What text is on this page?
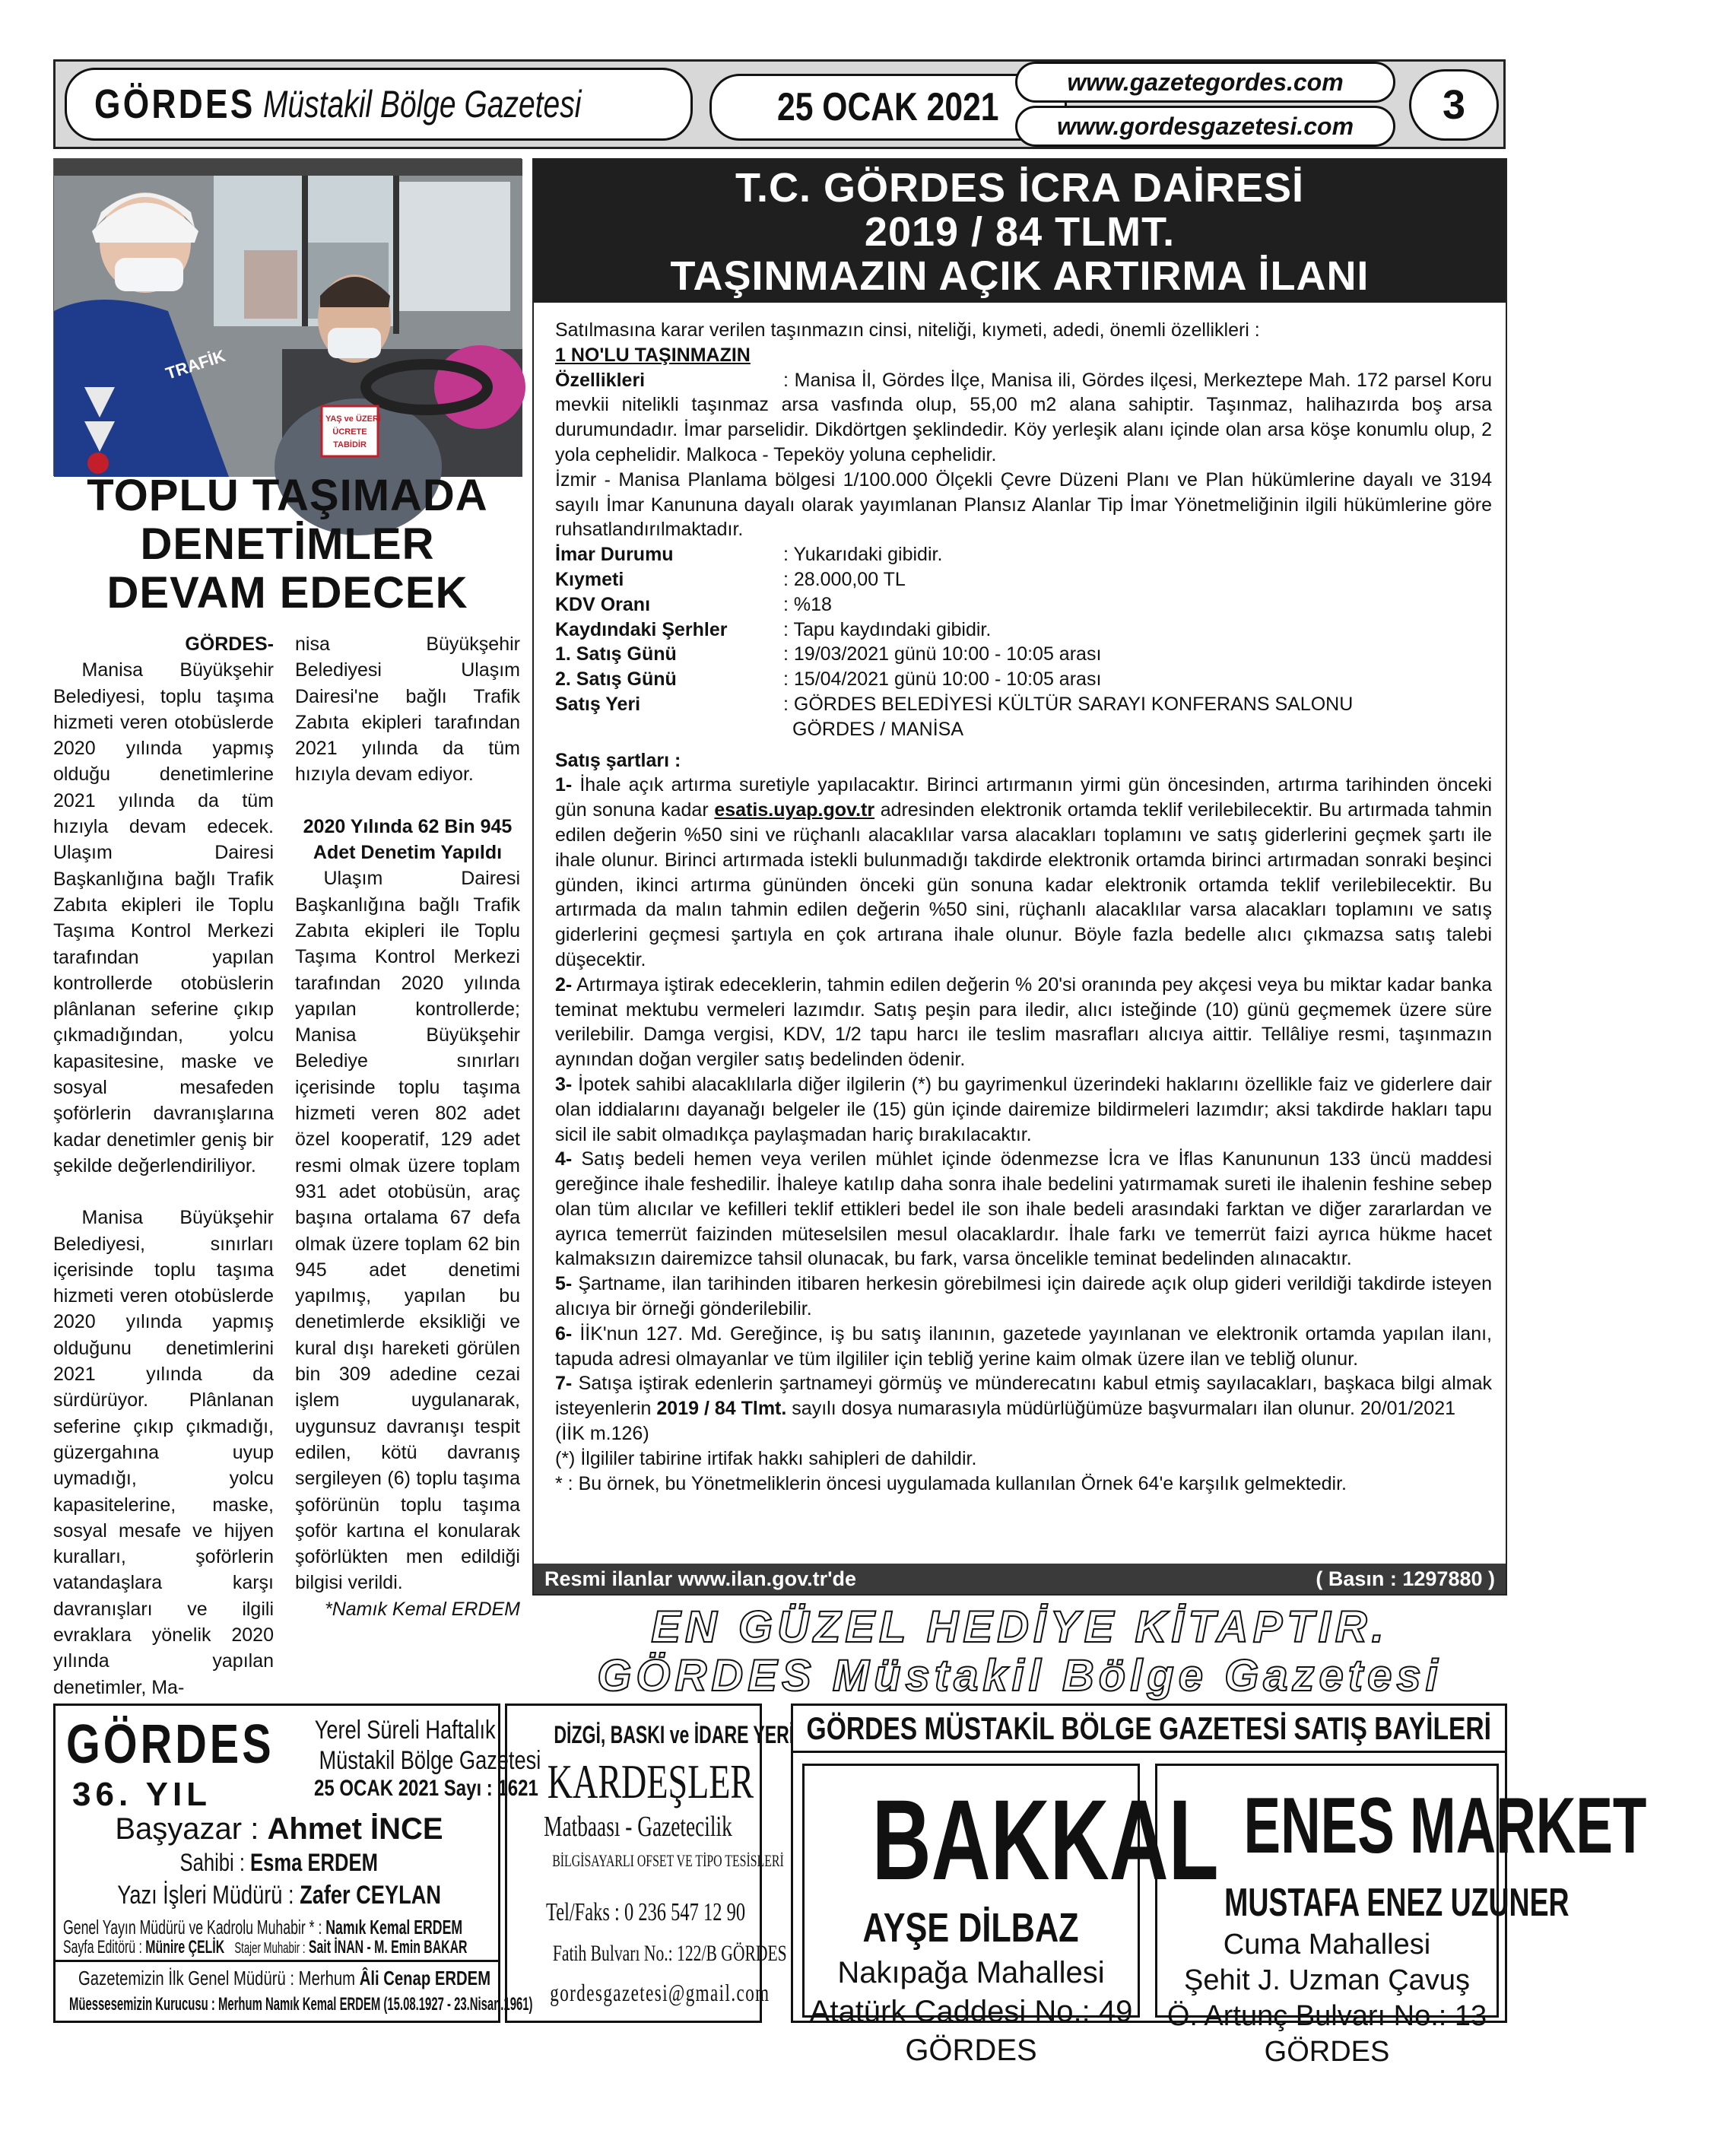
GÖRDES Müstakil Bölge Gazetesi	25 OCAK 2021
www.gazetegordes.com
www.gordesgazetesi.com	3
TRAFİK
7 YAŞ ve ÜZERİ
ÜCRETE
TABİDİR
TOPLU TAŞIMADA
DENETİMLER
DEVAM EDECEK

GÖRDES-

Manisa Büyükşehir Belediyesi, toplu taşıma hizmeti veren otobüslerde 2020 yılında yapmış olduğu denetimlerine 2021 yılında da tüm hızıyla devam edecek. Ulaşım Dairesi Başkanlığına bağlı Trafik Zabıta ekipleri ile Toplu Taşıma Kontrol Merkezi tarafından yapılan kontrollerde otobüslerin plânlanan seferine çıkıp çıkmadığından, yolcu kapasitesine, maske ve sosyal mesafeden şoförlerin davranışlarına kadar denetimler geniş bir şekilde değerlendiriliyor.

Manisa Büyükşehir Belediyesi, sınırları içerisinde toplu taşıma hizmeti veren otobüslerde 2020 yılında yapmış olduğunu denetimlerini 2021 yılında da sürdürüyor. Plânlanan seferine çıkıp çıkmadığı, güzergahına uyup uymadığı, yolcu kapasitelerine, maske, sosyal mesafe ve hijyen kuralları, şoförlerin vatandaşlara karşı davranışları ve ilgili evraklara yönelik 2020 yılında yapılan denetimler, Ma-

nisa Büyükşehir Belediyesi Ulaşım Dairesi'ne bağlı Trafik Zabıta ekipleri tarafından 2021 yılında da tüm hızıyla devam ediyor.

2020 Yılında 62 Bin 945 Adet Denetim Yapıldı

Ulaşım Dairesi Başkanlığına bağlı Trafik Zabıta ekipleri ile Toplu Taşıma Kontrol Merkezi tarafından 2020 yılında yapılan kontrollerde; Manisa Büyükşehir Belediye sınırları içerisinde toplu taşıma hizmeti veren 802 adet özel kooperatif, 129 adet resmi olmak üzere toplam 931 adet otobüsün, araç başına ortalama 67 defa olmak üzere toplam 62 bin 945 adet denetimi yapılmış, yapılan bu denetimlerde eksikliği ve kural dışı hareketi görülen bin 309 adedine cezai işlem uygulanarak, uygunsuz davranışı tespit edilen, kötü davranış sergileyen (6) toplu taşıma şoförünün toplu taşıma şoför kartına el konularak şoförlükten men edildiği bilgisi verildi.

*Namık Kemal ERDEM

T.C. GÖRDES İCRA DAİRESİ
2019 / 84 TLMT.
TAŞINMAZIN AÇIK ARTIRMA İLANI
Satılmasına karar verilen taşınmazın cinsi, niteliği, kıymeti, adedi, önemli özellikleri :
1 NO'LU TAŞINMAZIN
Özellikleri	: Manisa İl, Gördes İlçe, Manisa ili, Gördes ilçesi, Merkeztepe Mah. 172 parsel Koru mevkii nitelikli taşınmaz arsa vasfında olup, 55,00 m2 alana sahiptir. Taşınmaz, halihazırda boş arsa durumundadır. İmar parselidir. Dikdörtgen şeklindedir. Köy yerleşik alanı içinde olan arsa köşe konumlu olup, 2 yola cephelidir. Malkoca - Tepeköy yoluna cephelidir.
İzmir - Manisa Planlama bölgesi 1/100.000 Ölçekli Çevre Düzeni Planı ve Plan hükümlerine dayalı ve 3194 sayılı İmar Kanununa dayalı olarak yayımlanan Plansız Alanlar Tip İmar Yönetmeliğinin ilgili hükümlerine göre ruhsatlandırılmaktadır.
İmar Durumu	: Yukarıdaki gibidir.
Kıymeti	: 28.000,00 TL
KDV Oranı	: %18
Kaydındaki Şerhler	: Tapu kaydındaki gibidir.
1. Satış Günü	: 19/03/2021 günü 10:00 - 10:05 arası
2. Satış Günü	: 15/04/2021 günü 10:00 - 10:05 arası
Satış Yeri	: GÖRDES BELEDİYESİ KÜLTÜR SARAYI KONFERANS SALONU
GÖRDES / MANİSA
Satış şartları :
1- İhale açık artırma suretiyle yapılacaktır. Birinci artırmanın yirmi gün öncesinden, artırma tarihinden önceki gün sonuna kadar esatis.uyap.gov.tr adresinden elektronik ortamda teklif verilebilecektir. Bu artırmada tahmin edilen değerin %50 sini ve rüçhanlı alacaklılar varsa alacakları toplamını ve satış giderlerini geçmek şartı ile ihale olunur. Birinci artırmada istekli bulunmadığı takdirde elektronik ortamda birinci artırmadan sonraki beşinci günden, ikinci artırma gününden önceki gün sonuna kadar elektronik ortamda teklif verilebilecektir. Bu artırmada da malın tahmin edilen değerin %50 sini, rüçhanlı alacaklılar varsa alacakları toplamını ve satış giderlerini geçmesi şartıyla en çok artırana ihale olunur. Böyle fazla bedelle alıcı çıkmazsa satış talebi düşecektir.
2- Artırmaya iştirak edeceklerin, tahmin edilen değerin % 20'si oranında pey akçesi veya bu miktar kadar banka teminat mektubu vermeleri lazımdır. Satış peşin para iledir, alıcı isteğinde (10) günü geçmemek üzere süre verilebilir. Damga vergisi, KDV, 1/2 tapu harcı ile teslim masrafları alıcıya aittir. Tellâliye resmi, taşınmazın aynından doğan vergiler satış bedelinden ödenir.
3- İpotek sahibi alacaklılarla diğer ilgilerin (*) bu gayrimenkul üzerindeki haklarını özellikle faiz ve giderlere dair olan iddialarını dayanağı belgeler ile (15) gün içinde dairemize bildirmeleri lazımdır; aksi takdirde hakları tapu sicil ile sabit olmadıkça paylaşmadan hariç bırakılacaktır.
4- Satış bedeli hemen veya verilen mühlet içinde ödenmezse İcra ve İflas Kanununun 133 üncü maddesi gereğince ihale feshedilir. İhaleye katılıp daha sonra ihale bedelini yatırmamak sureti ile ihalenin feshine sebep olan tüm alıcılar ve kefilleri teklif ettikleri bedel ile son ihale bedeli arasındaki farktan ve diğer zararlardan ve ayrıca temerrüt faizinden müteselsilen mesul olacaklardır. İhale farkı ve temerrüt faizi ayrıca hükme hacet kalmaksızın dairemizce tahsil olunacak, bu fark, varsa öncelikle teminat bedelinden alınacaktır.
5- Şartname, ilan tarihinden itibaren herkesin görebilmesi için dairede açık olup gideri verildiği takdirde isteyen alıcıya bir örneği gönderilebilir.
6- İİK'nun 127. Md. Gereğince, iş bu satış ilanının, gazetede yayınlanan ve elektronik ortamda yapılan ilanı, tapuda adresi olmayanlar ve tüm ilgililer için tebliğ yerine kaim olmak üzere ilan ve tebliğ olunur.
7- Satışa iştirak edenlerin şartnameyi görmüş ve münderecatını kabul etmiş sayılacakları, başkaca bilgi almak isteyenlerin 2019 / 84 Tlmt. sayılı dosya numarasıyla müdürlüğümüze başvurmaları ilan olunur. 20/01/2021
(İİK m.126)
(*) İlgililer tabirine irtifak hakkı sahipleri de dahildir.
* : Bu örnek, bu Yönetmeliklerin öncesi uygulamada kullanılan Örnek 64'e karşılık gelmektedir.
Resmi ilanlar www.ilan.gov.tr'de	( Basın : 1297880 )
EN GÜZEL HEDİYE KİTAPTIR.
GÖRDES Müstakil Bölge Gazetesi
GÖRDES
36. YIL
Yerel Süreli Haftalık
Müstakil Bölge Gazetesi
25 OCAK 2021 Sayı : 1621
Başyazar : Ahmet İNCE
Sahibi : Esma ERDEM
Yazı İşleri Müdürü : Zafer CEYLAN
Genel Yayın Müdürü ve Kadrolu Muhabir * : Namık Kemal ERDEM
Sayfa Editörü : Münire ÇELİK Stajer Muhabir : Sait İNAN - M. Emin BAKAR
Gazetemizin İlk Genel Müdürü : Merhum Âli Cenap ERDEM
Müessesemizin Kurucusu : Merhum Namık Kemal ERDEM (15.08.1927 - 23.Nisan.1961)
DİZGİ, BASKI ve İDARE YERİ
KARDEŞLER
Matbaası - Gazetecilik
BİLGİSAYARLI OFSET VE TİPO TESİSLERİ
Tel/Faks : 0 236 547 12 90
Fatih Bulvarı No.: 122/B GÖRDES
gordesgazetesi@gmail.com
GÖRDES MÜSTAKİL BÖLGE GAZETESİ SATIŞ BAYİLERİ
BAKKAL
AYŞE DİLBAZ
Nakıpağa Mahallesi
Atatürk Caddesi No.: 49
GÖRDES
ENES MARKET
MUSTAFA ENEZ UZUNER
Cuma Mahallesi
Şehit J. Uzman Çavuş
Ö. Artunç Bulvarı No.: 13
GÖRDES
